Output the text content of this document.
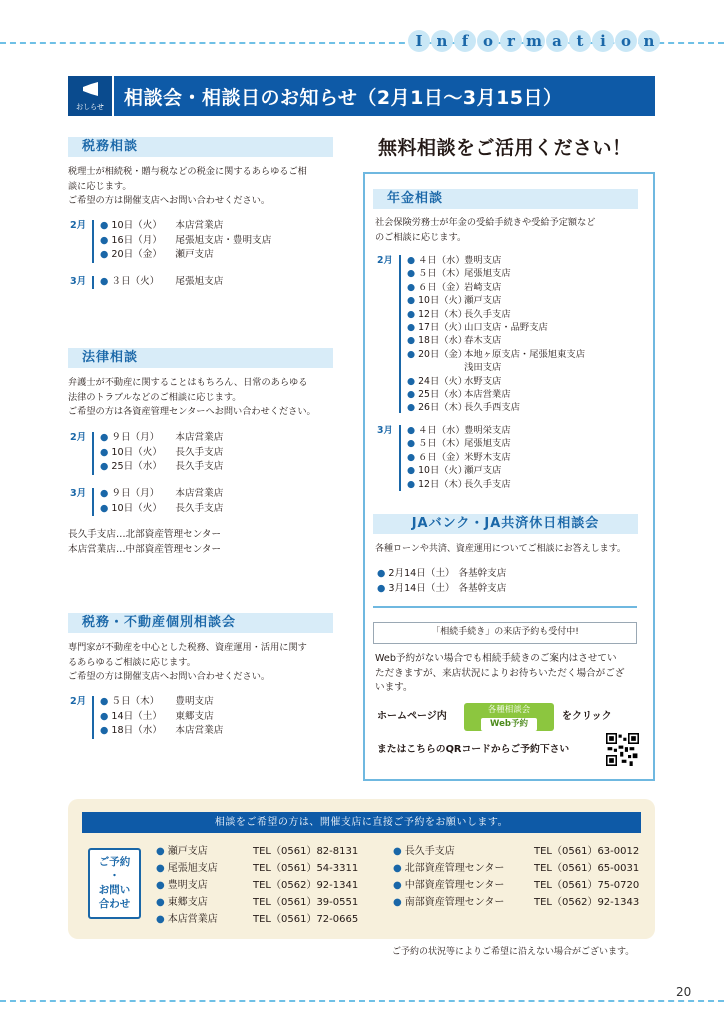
I n f o r m a t	i	o n
おしらせ	相談会・相談日のお知らせ（2月1日〜3月15日）
税務相談
税理士が相続税・贈与税などの税金に関するあらゆるご相
談に応じます。
ご希望の方は開催支店へお問い合わせください。
2月 ● 10日（火） 本店営業店
● 16日（月） 尾張旭支店・豊明支店
● 20日（金） 瀬戸支店
3月 ● ３日（火） 尾張旭支店
法律相談
弁護士が不動産に関することはもちろん、日常のあらゆる
法律のトラブルなどのご相談に応じます。
ご希望の方は各資産管理センターへお問い合わせください。
2月 ● ９日（月） 本店営業店
● 10日（火） 長久手支店
● 25日（水） 長久手支店
3月 ● ９日（月） 本店営業店
● 10日（火） 長久手支店
長久手支店…北部資産管理センター
本店営業店…中部資産管理センター
税務・不動産個別相談会
専門家が不動産を中心とした税務、資産運用・活用に関す
るあらゆるご相談に応じます。
ご希望の方は開催支店へお問い合わせください。
2月 ● ５日（木） 豊明支店
● 14日（土） 東郷支店
● 18日（水） 本店営業店
無料相談をご活用ください！
年金相談
社会保険労務士が年金の受給手続きや受給予定額など
のご相談に応じます。
2月 ● ４日（水）豊明支店
● ５日（木）尾張旭支店
● ６日（金）岩崎支店
● 10日（火）瀬戸支店
● 12日（木）長久手支店
● 17日（火）山口支店・品野支店
● 18日（水）春木支店
● 20日（金）本地ヶ原支店・尾張旭東支店
浅田支店
● 24日（火）水野支店
● 25日（水）本店営業店
● 26日（木）長久手西支店
3月 ● ４日（水）豊明栄支店
● ５日（木）尾張旭支店
● ６日（金）米野木支店
● 10日（火）瀬戸支店
● 12日（木）長久手支店
JAバンク・JA共済休日相談会
各種ローンや共済、資産運用についてご相談にお答えします。
● 2月14日（土） 各基幹支店
● 3月14日（土） 各基幹支店
「相続手続き」の来店予約も受付中!
Web予約がない場合でも相続手続きのご案内はさせてい
ただきますが、来店状況によりお待ちいただく場合がござ
います。
ホームページ内
各種相談会
Web予約
をクリック
またはこちらのQRコードからご予約下さい
相談をご希望の方は、開催支店に直接ご予約をお願いします。
ご予約
・
お問い
合わせ
● 瀬戸支店	TEL（0561）82-8131
● 尾張旭支店	TEL（0561）54-3311
● 豊明支店	TEL（0562）92-1341
● 東郷支店	TEL（0561）39-0551
● 本店営業店	TEL（0561）72-0665
● 長久手支店	TEL（0561）63-0012
● 北部資産管理センター	TEL（0561）65-0031
● 中部資産管理センター	TEL（0561）75-0720
● 南部資産管理センター	TEL（0562）92-1343
ご予約の状況等によりご希望に沿えない場合がございます。
20
